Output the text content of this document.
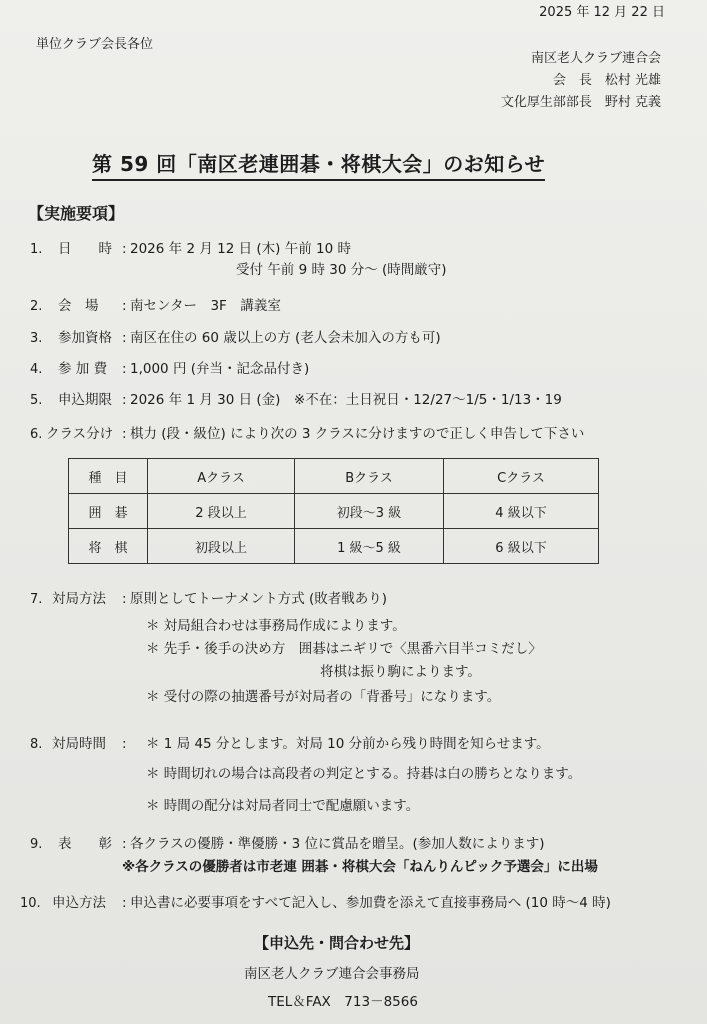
2025 年 12 月 22 日
単位クラブ会長各位
南区老人クラブ連合会
会　長　松村 光雄
文化厚生部部長　野村 克義
第 59 回「南区老連囲碁・将棋大会」のお知らせ
【実施要項】
1. 日　　時 : 2026 年 2 月 12 日 (木) 午前 10 時
受付 午前 9 時 30 分〜 (時間厳守)
2. 会　場 : 南センター　3F　講義室
3. 参加資格 : 南区在住の 60 歳以上の方 (老人会未加入の方も可)
4. 参 加 費 : 1,000 円 (弁当・記念品付き)
5. 申込期限 : 2026 年 1 月 30 日 (金)　※不在：土日祝日・12/27〜1/5・1/13・19
6. クラス分け : 棋力 (段・級位) により次の 3 クラスに分けますので正しく申告して下さい
種　目	Aクラス	Bクラス	Cクラス
囲　碁	2 段以上	初段〜3 級	4 級以下
将　棋	初段以上	1 級〜5 級	6 級以下
7. 対局方法 : 原則としてトーナメント方式 (敗者戦あり)
＊ 対局組合わせは事務局作成によります。
＊ 先手・後手の決め方　囲碁はニギリで〈黒番六目半コミだし〉
将棋は振り駒によります。
＊ 受付の際の抽選番号が対局者の「背番号」になります。
8. 対局時間 : ＊ 1 局 45 分とします。対局 10 分前から残り時間を知らせます。
＊ 時間切れの場合は高段者の判定とする。持碁は白の勝ちとなります。
＊ 時間の配分は対局者同士で配慮願います。
9. 表　　彰 : 各クラスの優勝・準優勝・3 位に賞品を贈呈。(参加人数によります)
※各クラスの優勝者は市老連 囲碁・将棋大会「ねんりんピック予選会」に出場
10. 申込方法 : 申込書に必要事項をすべて記入し、参加費を添えて直接事務局へ (10 時〜4 時)
【申込先・問合わせ先】
南区老人クラブ連合会事務局
TEL＆FAX　713－8566
